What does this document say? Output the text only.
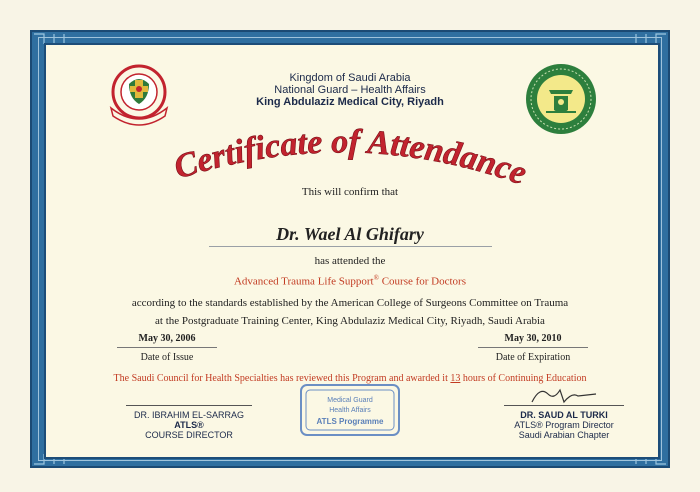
Kingdom of Saudi Arabia
National Guard – Health Affairs
King Abdulaziz Medical City, Riyadh
Certificate of Attendance
This will confirm that
Dr. Wael Al Ghifary
has attended the
Advanced Trauma Life Support® Course for Doctors
according to the standards established by the American College of Surgeons Committee on Trauma
at the Postgraduate Training Center, King Abdulaziz Medical City, Riyadh, Saudi Arabia
May 30, 2006
Date of Issue
May 30, 2010
Date of Expiration
The Saudi Council for Health Specialties has reviewed this Program and awarded it 13 hours of Continuing Education
Medical Guard
Health Affairs
ATLS Programme
DR. IBRAHIM EL-SARRAG
ATLS®
COURSE DIRECTOR
DR. SAUD AL TURKI
ATLS® Program Director
Saudi Arabian Chapter
